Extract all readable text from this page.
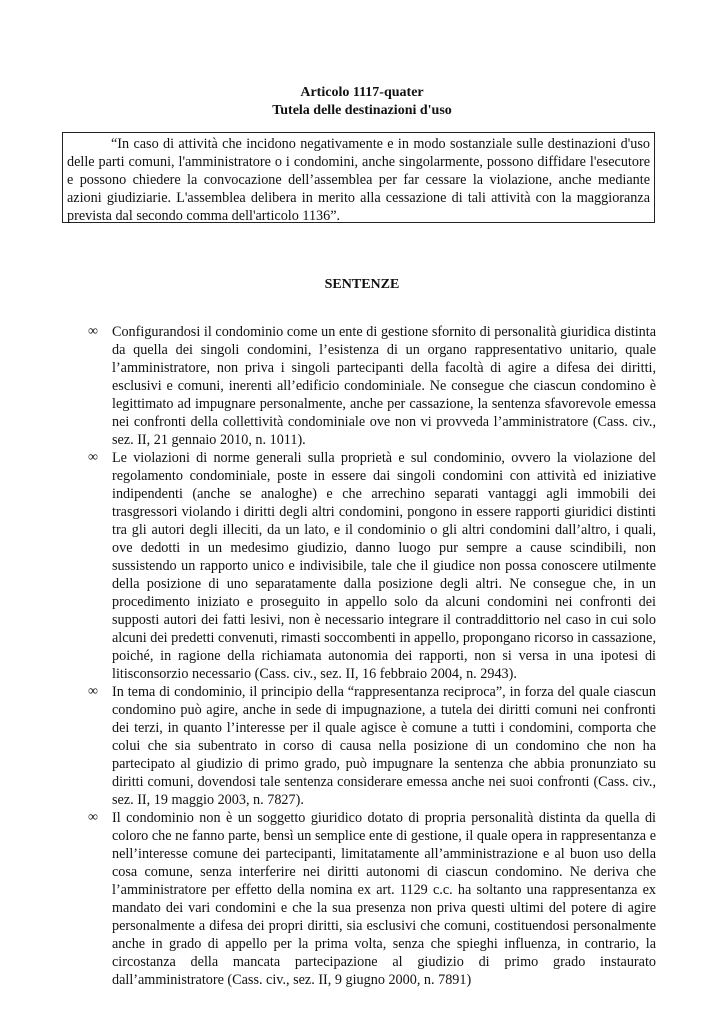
Articolo 1117-quater
Tutela delle destinazioni d'uso
“In caso di attività che incidono negativamente e in modo sostanziale sulle destinazioni d'uso delle parti comuni, l'amministratore o i condomini, anche singolarmente, possono diffidare l'esecutore e possono chiedere la convocazione dell’assemblea per far cessare la violazione, anche mediante azioni giudiziarie. L'assemblea delibera in merito alla cessazione di tali attività con la maggioranza prevista dal secondo comma dell'articolo 1136”.
SENTENZE
∞ Configurandosi il condominio come un ente di gestione sfornito di personalità giuridica distinta da quella dei singoli condomini, l’esistenza di un organo rappresentativo unitario, quale l’amministratore, non priva i singoli partecipanti della facoltà di agire a difesa dei diritti, esclusivi e comuni, inerenti all’edificio condominiale. Ne consegue che ciascun condomino è legittimato ad impugnare personalmente, anche per cassazione, la sentenza sfavorevole emessa nei confronti della collettività condominiale ove non vi provveda l’amministratore (Cass. civ., sez. II, 21 gennaio 2010, n. 1011).
∞ Le violazioni di norme generali sulla proprietà e sul condominio, ovvero la violazione del regolamento condominiale, poste in essere dai singoli condomini con attività ed iniziative indipendenti (anche se analoghe) e che arrechino separati vantaggi agli immobili dei trasgressori violando i diritti degli altri condomini, pongono in essere rapporti giuridici distinti tra gli autori degli illeciti, da un lato, e il condominio o gli altri condomini dall’altro, i quali, ove dedotti in un medesimo giudizio, danno luogo pur sempre a cause scindibili, non sussistendo un rapporto unico e indivisibile, tale che il giudice non possa conoscere utilmente della posizione di uno separatamente dalla posizione degli altri. Ne consegue che, in un procedimento iniziato e proseguito in appello solo da alcuni condomini nei confronti dei supposti autori dei fatti lesivi, non è necessario integrare il contraddittorio nel caso in cui solo alcuni dei predetti convenuti, rimasti soccombenti in appello, propongano ricorso in cassazione, poiché, in ragione della richiamata autonomia dei rapporti, non si versa in una ipotesi di litisconsorzio necessario (Cass. civ., sez. II, 16 febbraio 2004, n. 2943).
∞ In tema di condominio, il principio della “rappresentanza reciproca”, in forza del quale ciascun condomino può agire, anche in sede di impugnazione, a tutela dei diritti comuni nei confronti dei terzi, in quanto l’interesse per il quale agisce è comune a tutti i condomini, comporta che colui che sia subentrato in corso di causa nella posizione di un condomino che non ha partecipato al giudizio di primo grado, può impugnare la sentenza che abbia pronunziato su diritti comuni, dovendosi tale sentenza considerare emessa anche nei suoi confronti (Cass. civ., sez. II, 19 maggio 2003, n. 7827).
∞ Il condominio non è un soggetto giuridico dotato di propria personalità distinta da quella di coloro che ne fanno parte, bensì un semplice ente di gestione, il quale opera in rappresentanza e nell’interesse comune dei partecipanti, limitatamente all’amministrazione e al buon uso della cosa comune, senza interferire nei diritti autonomi di ciascun condomino. Ne deriva che l’amministratore per effetto della nomina ex art. 1129 c.c. ha soltanto una rappresentanza ex mandato dei vari condomini e che la sua presenza non priva questi ultimi del potere di agire personalmente a difesa dei propri diritti, sia esclusivi che comuni, costituendosi personalmente anche in grado di appello per la prima volta, senza che spieghi influenza, in contrario, la circostanza della mancata partecipazione al giudizio di primo grado instaurato dall’amministratore (Cass. civ., sez. II, 9 giugno 2000, n. 7891)
